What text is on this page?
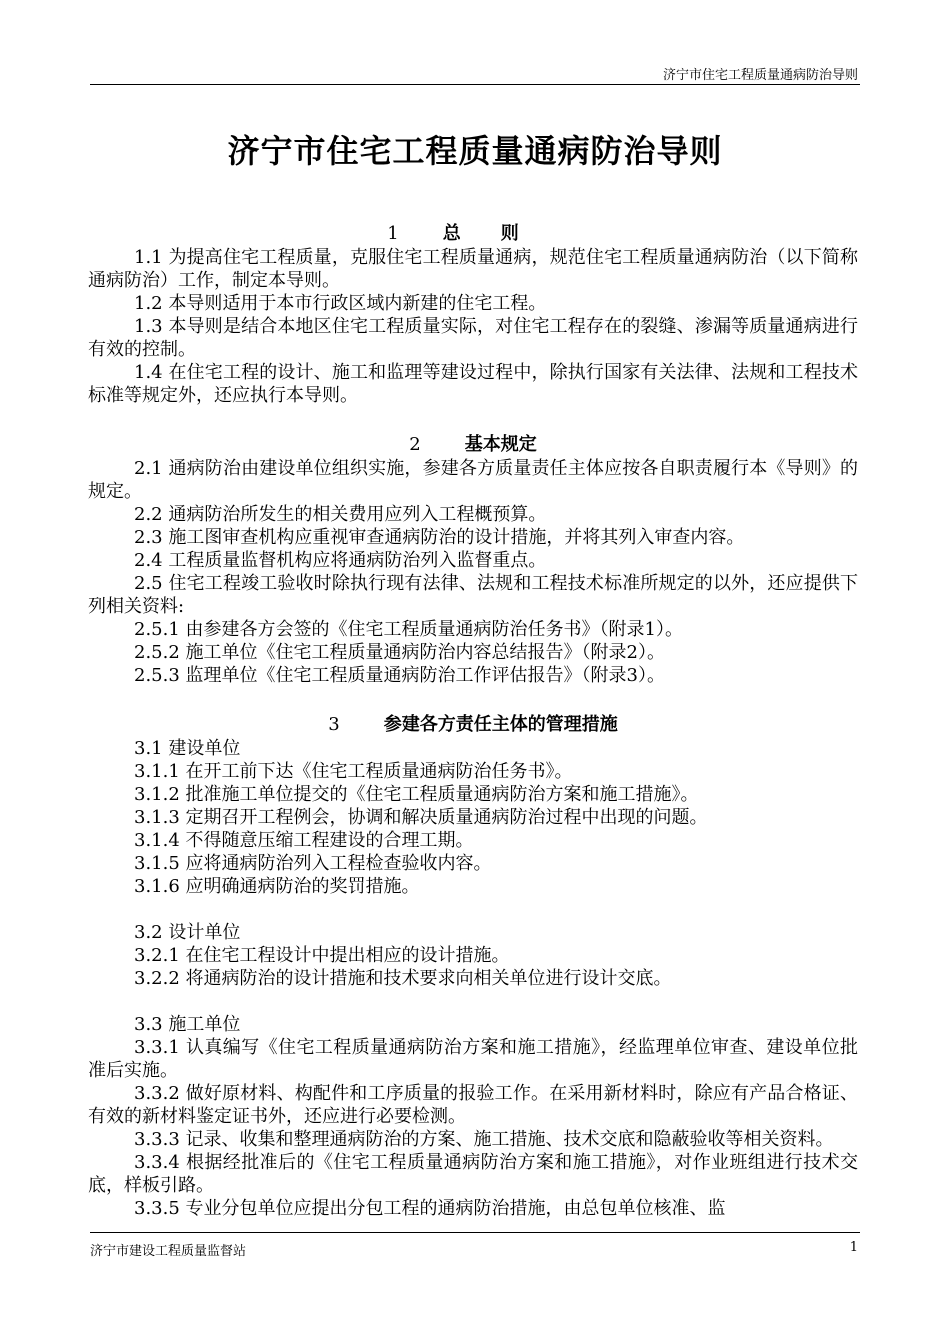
济宁市住宅工程质量通病防治导则
济宁市住宅工程质量通病防治导则
1 总则
1.1 为提高住宅工程质量，克服住宅工程质量通病，规范住宅工程质量通病防治（以下简称通病防治）工作，制定本导则。
1.2 本导则适用于本市行政区域内新建的住宅工程。
1.3 本导则是结合本地区住宅工程质量实际，对住宅工程存在的裂缝、渗漏等质量通病进行有效的控制。
1.4 在住宅工程的设计、施工和监理等建设过程中，除执行国家有关法律、法规和工程技术标准等规定外，还应执行本导则。
2 基本规定
2.1 通病防治由建设单位组织实施，参建各方质量责任主体应按各自职责履行本《导则》的规定。
2.2 通病防治所发生的相关费用应列入工程概预算。
2.3 施工图审查机构应重视审查通病防治的设计措施，并将其列入审查内容。
2.4 工程质量监督机构应将通病防治列入监督重点。
2.5 住宅工程竣工验收时除执行现有法律、法规和工程技术标准所规定的以外，还应提供下列相关资料:
2.5.1 由参建各方会签的《住宅工程质量通病防治任务书》（附录1）。
2.5.2 施工单位《住宅工程质量通病防治内容总结报告》（附录2）。
2.5.3 监理单位《住宅工程质量通病防治工作评估报告》（附录3）。
3 参建各方责任主体的管理措施
3.1 建设单位
3.1.1 在开工前下达《住宅工程质量通病防治任务书》。
3.1.2 批准施工单位提交的《住宅工程质量通病防治方案和施工措施》。
3.1.3 定期召开工程例会，协调和解决质量通病防治过程中出现的问题。
3.1.4 不得随意压缩工程建设的合理工期。
3.1.5 应将通病防治列入工程检查验收内容。
3.1.6 应明确通病防治的奖罚措施。
3.2 设计单位
3.2.1 在住宅工程设计中提出相应的设计措施。
3.2.2 将通病防治的设计措施和技术要求向相关单位进行设计交底。
3.3 施工单位
3.3.1 认真编写《住宅工程质量通病防治方案和施工措施》，经监理单位审查、建设单位批准后实施。
3.3.2 做好原材料、构配件和工序质量的报验工作。在采用新材料时，除应有产品合格证、有效的新材料鉴定证书外，还应进行必要检测。
3.3.3 记录、收集和整理通病防治的方案、施工措施、技术交底和隐蔽验收等相关资料。
3.3.4 根据经批准后的《住宅工程质量通病防治方案和施工措施》，对作业班组进行技术交底，样板引路。
3.3.5 专业分包单位应提出分包工程的通病防治措施，由总包单位核准、监
济宁市建设工程质量监督站	1
